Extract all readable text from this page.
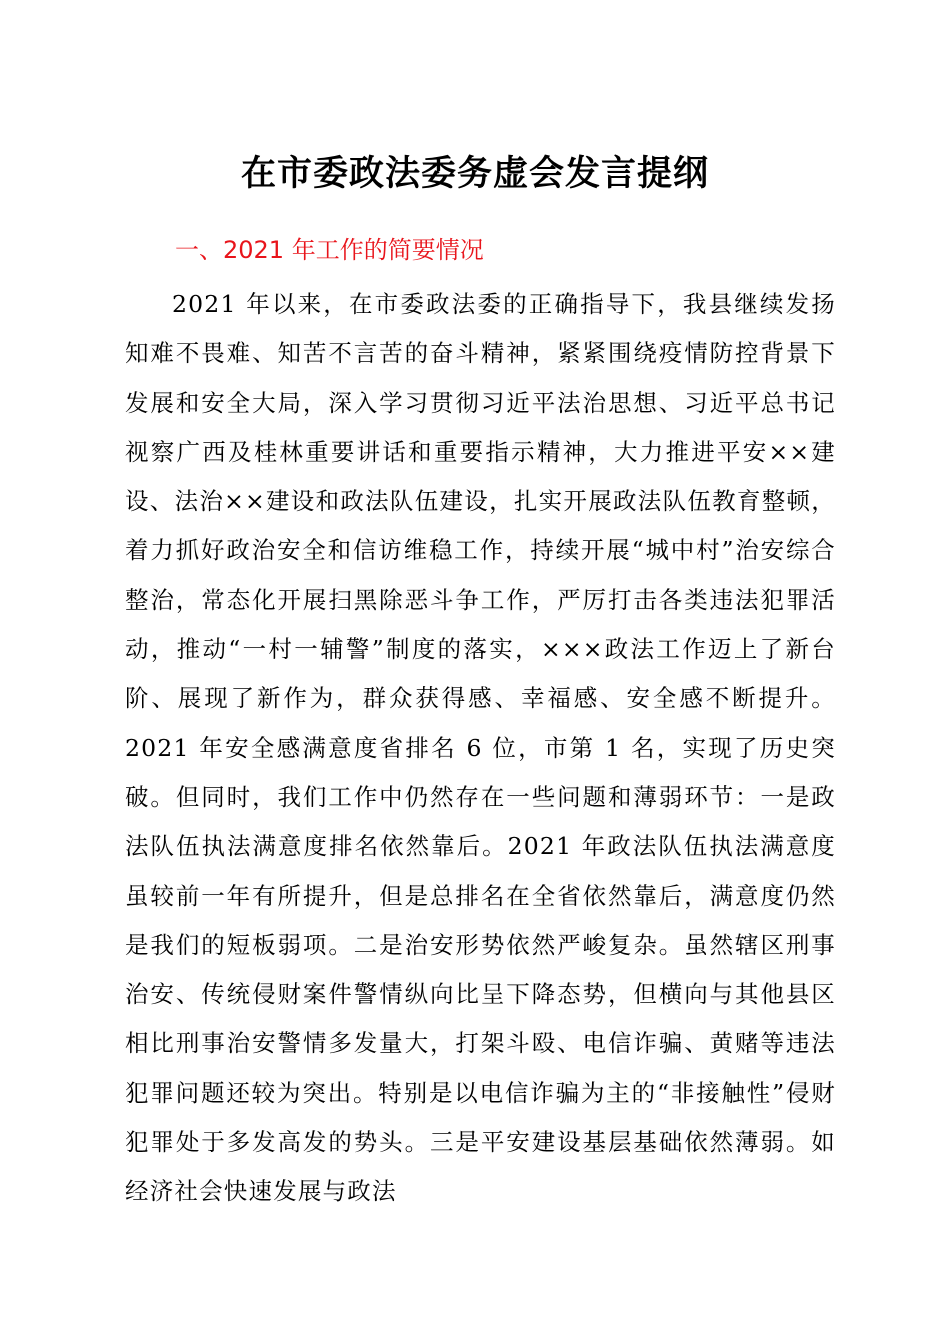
在市委政法委务虚会发言提纲
一、2021 年工作的简要情况

2021 年以来，在市委政法委的正确指导下，我县继续发扬知难不畏难、知苦不言苦的奋斗精神，紧紧围绕疫情防控背景下发展和安全大局，深入学习贯彻习近平法治思想、习近平总书记视察广西及桂林重要讲话和重要指示精神，大力推进平安××建设、法治××建设和政法队伍建设，扎实开展政法队伍教育整顿，着力抓好政治安全和信访维稳工作，持续开展“城中村”治安综合整治，常态化开展扫黑除恶斗争工作，严厉打击各类违法犯罪活动，推动“一村一辅警”制度的落实，×××政法工作迈上了新台阶、展现了新作为，群众获得感、幸福感、安全感不断提升。2021 年安全感满意度省排名 6 位，市第 1 名，实现了历史突破。但同时，我们工作中仍然存在一些问题和薄弱环节：一是政法队伍执法满意度排名依然靠后。2021 年政法队伍执法满意度虽较前一年有所提升，但是总排名在全省依然靠后，满意度仍然是我们的短板弱项。二是治安形势依然严峻复杂。虽然辖区刑事治安、传统侵财案件警情纵向比呈下降态势，但横向与其他县区相比刑事治安警情多发量大，打架斗殴、电信诈骗、黄赌等违法犯罪问题还较为突出。特别是以电信诈骗为主的“非接触性”侵财犯罪处于多发高发的势头。三是平安建设基层基础依然薄弱。如经济社会快速发展与政法
